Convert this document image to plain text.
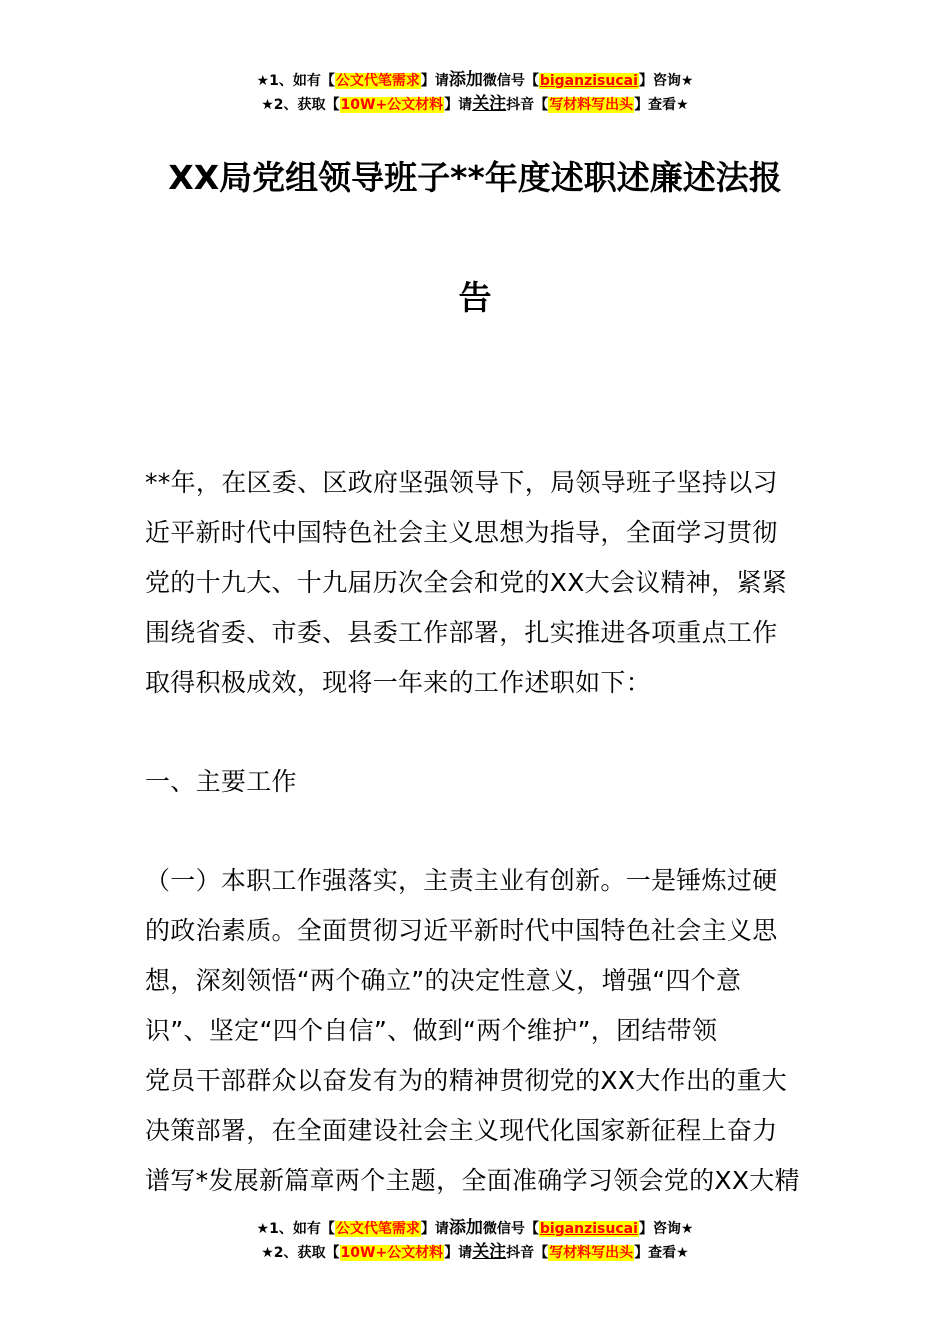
★1、如有【公文代笔需求】请添加微信号【biganzisucai】咨询★
★2、获取【10W+公文材料】请关注抖音【写材料写出头】查看★
XX局党组领导班子**年度述职述廉述法报
告
**年，在区委、区政府坚强领导下，局领导班子坚持以习
近平新时代中国特色社会主义思想为指导，全面学习贯彻
党的十九大、十九届历次全会和党的XX大会议精神，紧紧
围绕省委、市委、县委工作部署，扎实推进各项重点工作
取得积极成效，现将一年来的工作述职如下：
一、主要工作
（一）本职工作强落实，主责主业有创新。一是锤炼过硬
的政治素质。全面贯彻习近平新时代中国特色社会主义思
想，深刻领悟“两个确立”的决定性意义，增强“四个意
识”、坚定“四个自信”、做到“两个维护”，团结带领
党员干部群众以奋发有为的精神贯彻党的XX大作出的重大
决策部署，在全面建设社会主义现代化国家新征程上奋力
谱写*发展新篇章两个主题，全面准确学习领会党的XX大精
★1、如有【公文代笔需求】请添加微信号【biganzisucai】咨询★
★2、获取【10W+公文材料】请关注抖音【写材料写出头】查看★
